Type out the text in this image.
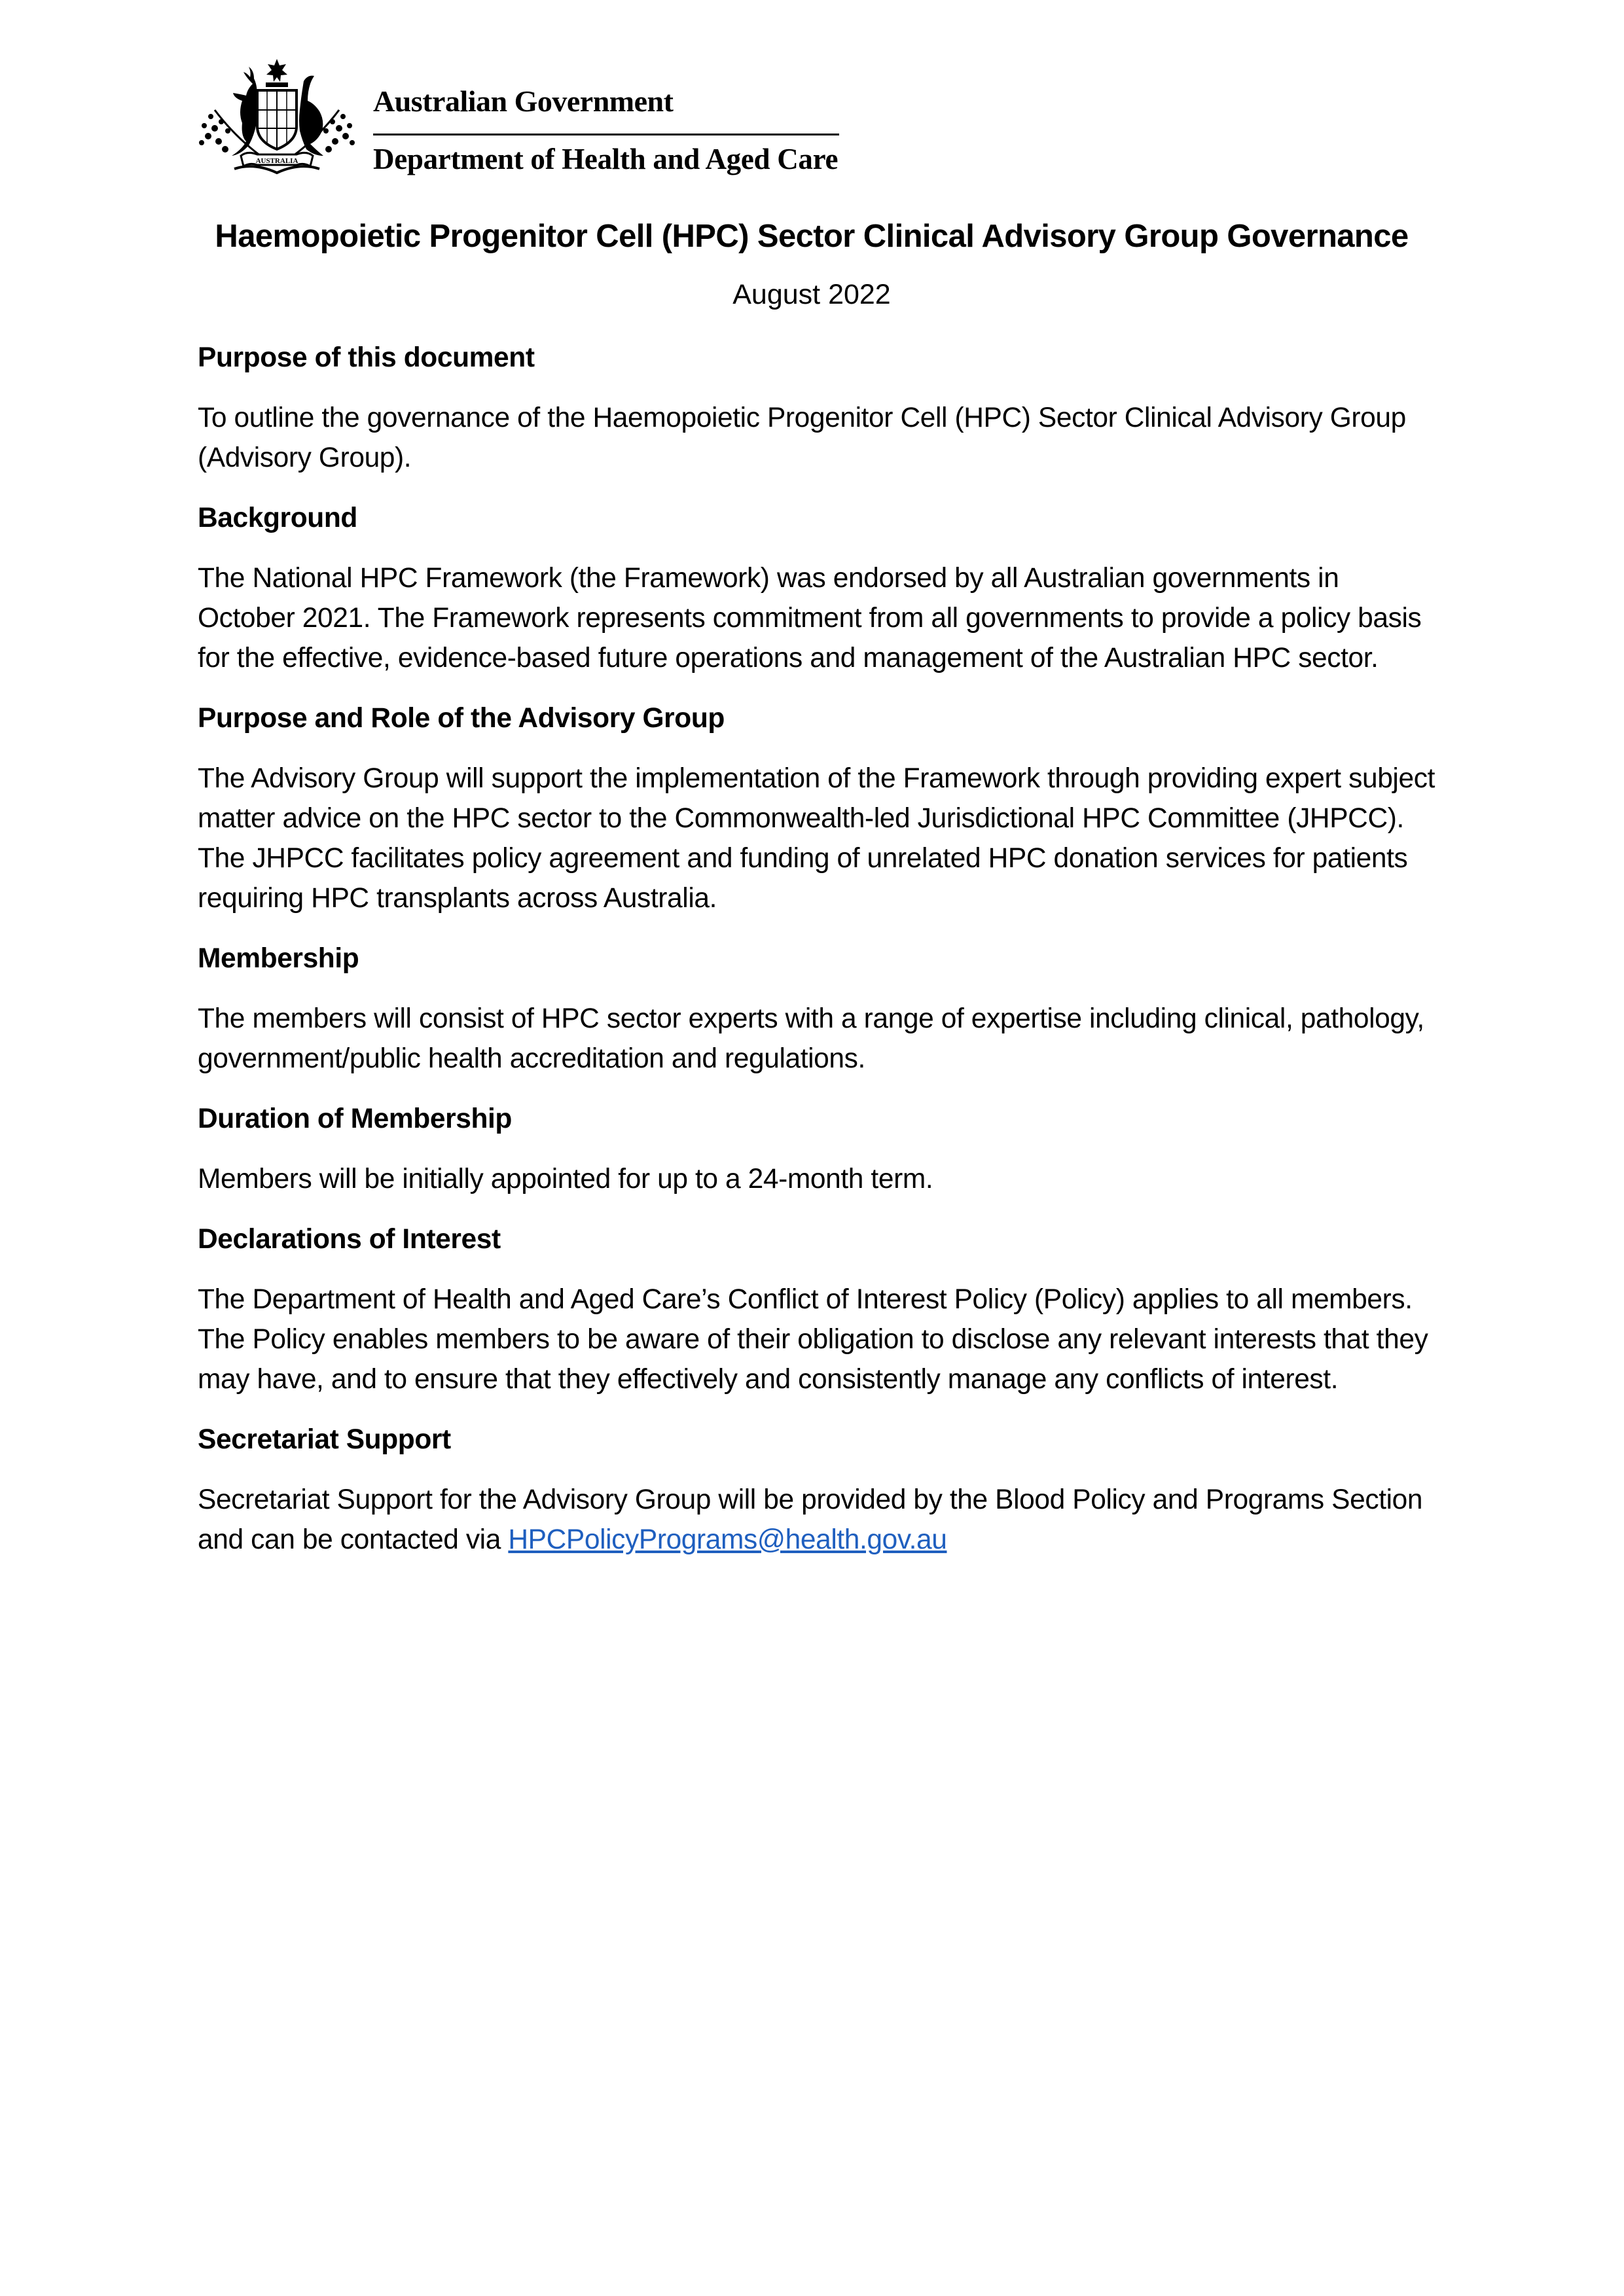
AUSTRALIA
Australian Government
Department of Health and Aged Care
Haemopoietic Progenitor Cell (HPC) Sector Clinical Advisory Group Governance
August 2022
Purpose of this document

To outline the governance of the Haemopoietic Progenitor Cell (HPC) Sector Clinical Advisory Group (Advisory Group).

Background

The National HPC Framework (the Framework) was endorsed by all Australian governments in October 2021. The Framework represents commitment from all governments to provide a policy basis for the effective, evidence-based future operations and management of the Australian HPC sector.

Purpose and Role of the Advisory Group

The Advisory Group will support the implementation of the Framework through providing expert subject matter advice on the HPC sector to the Commonwealth-led Jurisdictional HPC Committee (JHPCC). The JHPCC facilitates policy agreement and funding of unrelated HPC donation services for patients requiring HPC transplants across Australia.

Membership

The members will consist of HPC sector experts with a range of expertise including clinical, pathology, government/public health accreditation and regulations.

Duration of Membership

Members will be initially appointed for up to a 24-month term.

Declarations of Interest

The Department of Health and Aged Care’s Conflict of Interest Policy (Policy) applies to all members. The Policy enables members to be aware of their obligation to disclose any relevant interests that they may have, and to ensure that they effectively and consistently manage any conflicts of interest.

Secretariat Support

Secretariat Support for the Advisory Group will be provided by the Blood Policy and Programs Section and can be contacted via HPCPolicyPrograms@health.gov.au
